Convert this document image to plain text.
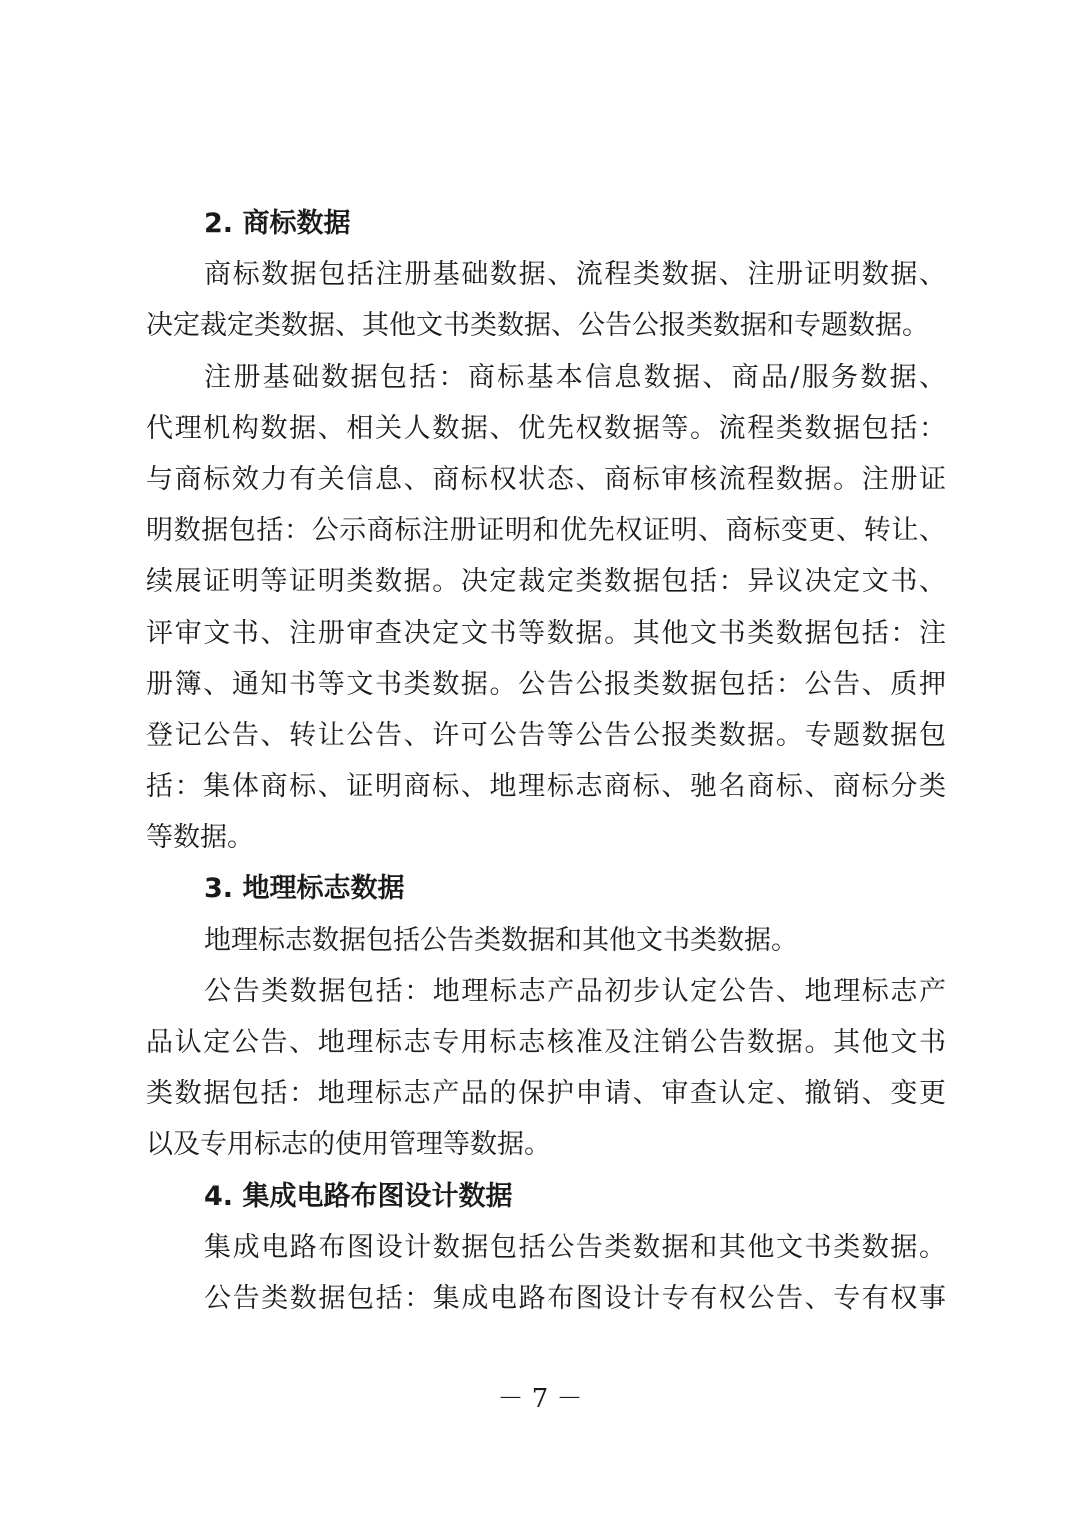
2. 商标数据
商标数据包括注册基础数据、流程类数据、注册证明数据、
决定裁定类数据、其他文书类数据、公告公报类数据和专题数据。
注册基础数据包括：商标基本信息数据、商品/服务数据、
代理机构数据、相关人数据、优先权数据等。流程类数据包括：
与商标效力有关信息、商标权状态、商标审核流程数据。注册证
明数据包括：公示商标注册证明和优先权证明、商标变更、转让、
续展证明等证明类数据。决定裁定类数据包括：异议决定文书、
评审文书、注册审查决定文书等数据。其他文书类数据包括：注
册簿、通知书等文书类数据。公告公报类数据包括：公告、质押
登记公告、转让公告、许可公告等公告公报类数据。专题数据包
括：集体商标、证明商标、地理标志商标、驰名商标、商标分类
等数据。
3. 地理标志数据
地理标志数据包括公告类数据和其他文书类数据。
公告类数据包括：地理标志产品初步认定公告、地理标志产
品认定公告、地理标志专用标志核准及注销公告数据。其他文书
类数据包括：地理标志产品的保护申请、审查认定、撤销、变更
以及专用标志的使用管理等数据。
4. 集成电路布图设计数据
集成电路布图设计数据包括公告类数据和其他文书类数据。
公告类数据包括：集成电路布图设计专有权公告、专有权事
－ 7 －
